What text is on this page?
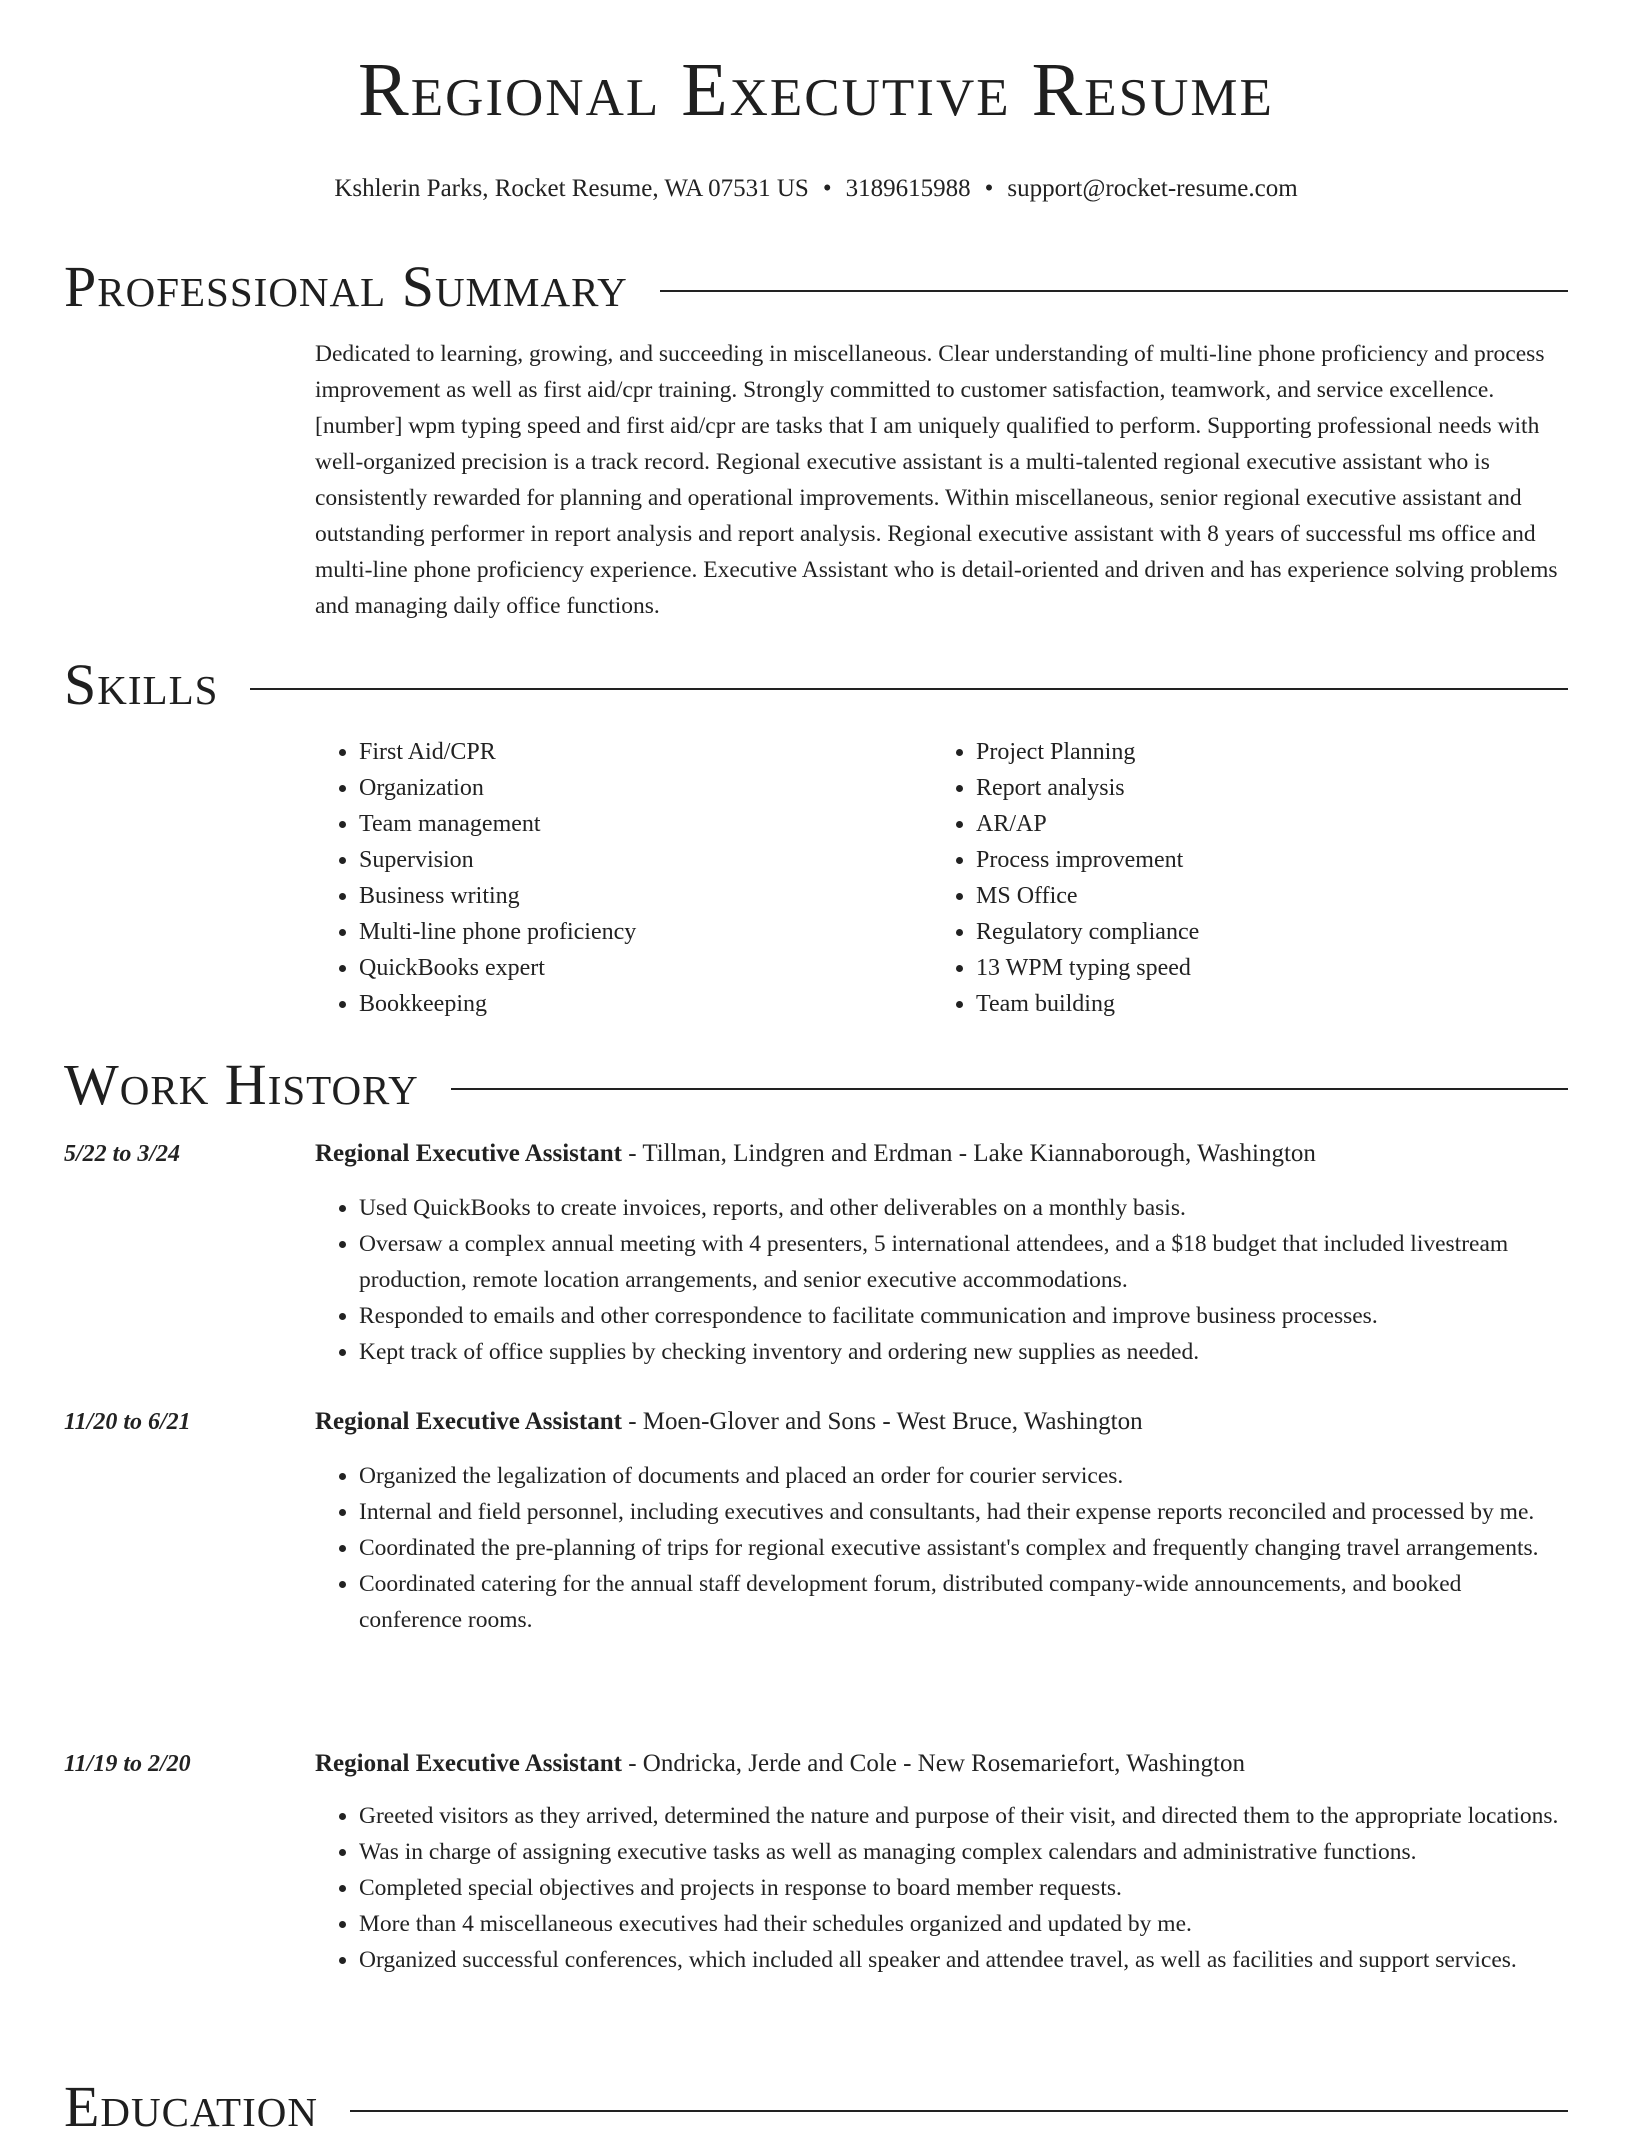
Regional Executive Resume
Kshlerin Parks, Rocket Resume, WA 07531 US • 3189615988 • support@rocket-resume.com
Professional Summary

Dedicated to learning, growing, and succeeding in miscellaneous. Clear understanding of multi-line phone proficiency and process improvement as well as first aid/cpr training. Strongly committed to customer satisfaction, teamwork, and service excellence. [number] wpm typing speed and first aid/cpr are tasks that I am uniquely qualified to perform. Supporting professional needs with well-organized precision is a track record. Regional executive assistant is a multi-talented regional executive assistant who is consistently rewarded for planning and operational improvements. Within miscellaneous, senior regional executive assistant and outstanding performer in report analysis and report analysis. Regional executive assistant with 8 years of successful ms office and multi-line phone proficiency experience. Executive Assistant who is detail-oriented and driven and has experience solving problems and managing daily office functions.

Skills
• First Aid/CPR
• Organization
• Team management
• Supervision
• Business writing
• Multi-line phone proficiency
• QuickBooks expert
• Bookkeeping
• Project Planning
• Report analysis
• AR/AP
• Process improvement
• MS Office
• Regulatory compliance
• 13 WPM typing speed
• Team building
Work History
5/22 to 3/24	Regional Executive Assistant - Tillman, Lindgren and Erdman - Lake Kiannaborough, Washington
• Used QuickBooks to create invoices, reports, and other deliverables on a monthly basis.
• Oversaw a complex annual meeting with 4 presenters, 5 international attendees, and a $18 budget that included livestream production, remote location arrangements, and senior executive accommodations.
• Responded to emails and other correspondence to facilitate communication and improve business processes.
• Kept track of office supplies by checking inventory and ordering new supplies as needed.
11/20 to 6/21	Regional Executive Assistant - Moen-Glover and Sons - West Bruce, Washington
• Organized the legalization of documents and placed an order for courier services.
• Internal and field personnel, including executives and consultants, had their expense reports reconciled and processed by me.
• Coordinated the pre-planning of trips for regional executive assistant's complex and frequently changing travel arrangements.
• Coordinated catering for the annual staff development forum, distributed company-wide announcements, and booked conference rooms.
11/19 to 2/20	Regional Executive Assistant - Ondricka, Jerde and Cole - New Rosemariefort, Washington
• Greeted visitors as they arrived, determined the nature and purpose of their visit, and directed them to the appropriate locations.
• Was in charge of assigning executive tasks as well as managing complex calendars and administrative functions.
• Completed special objectives and projects in response to board member requests.
• More than 4 miscellaneous executives had their schedules organized and updated by me.
• Organized successful conferences, which included all speaker and attendee travel, as well as facilities and support services.
Education
